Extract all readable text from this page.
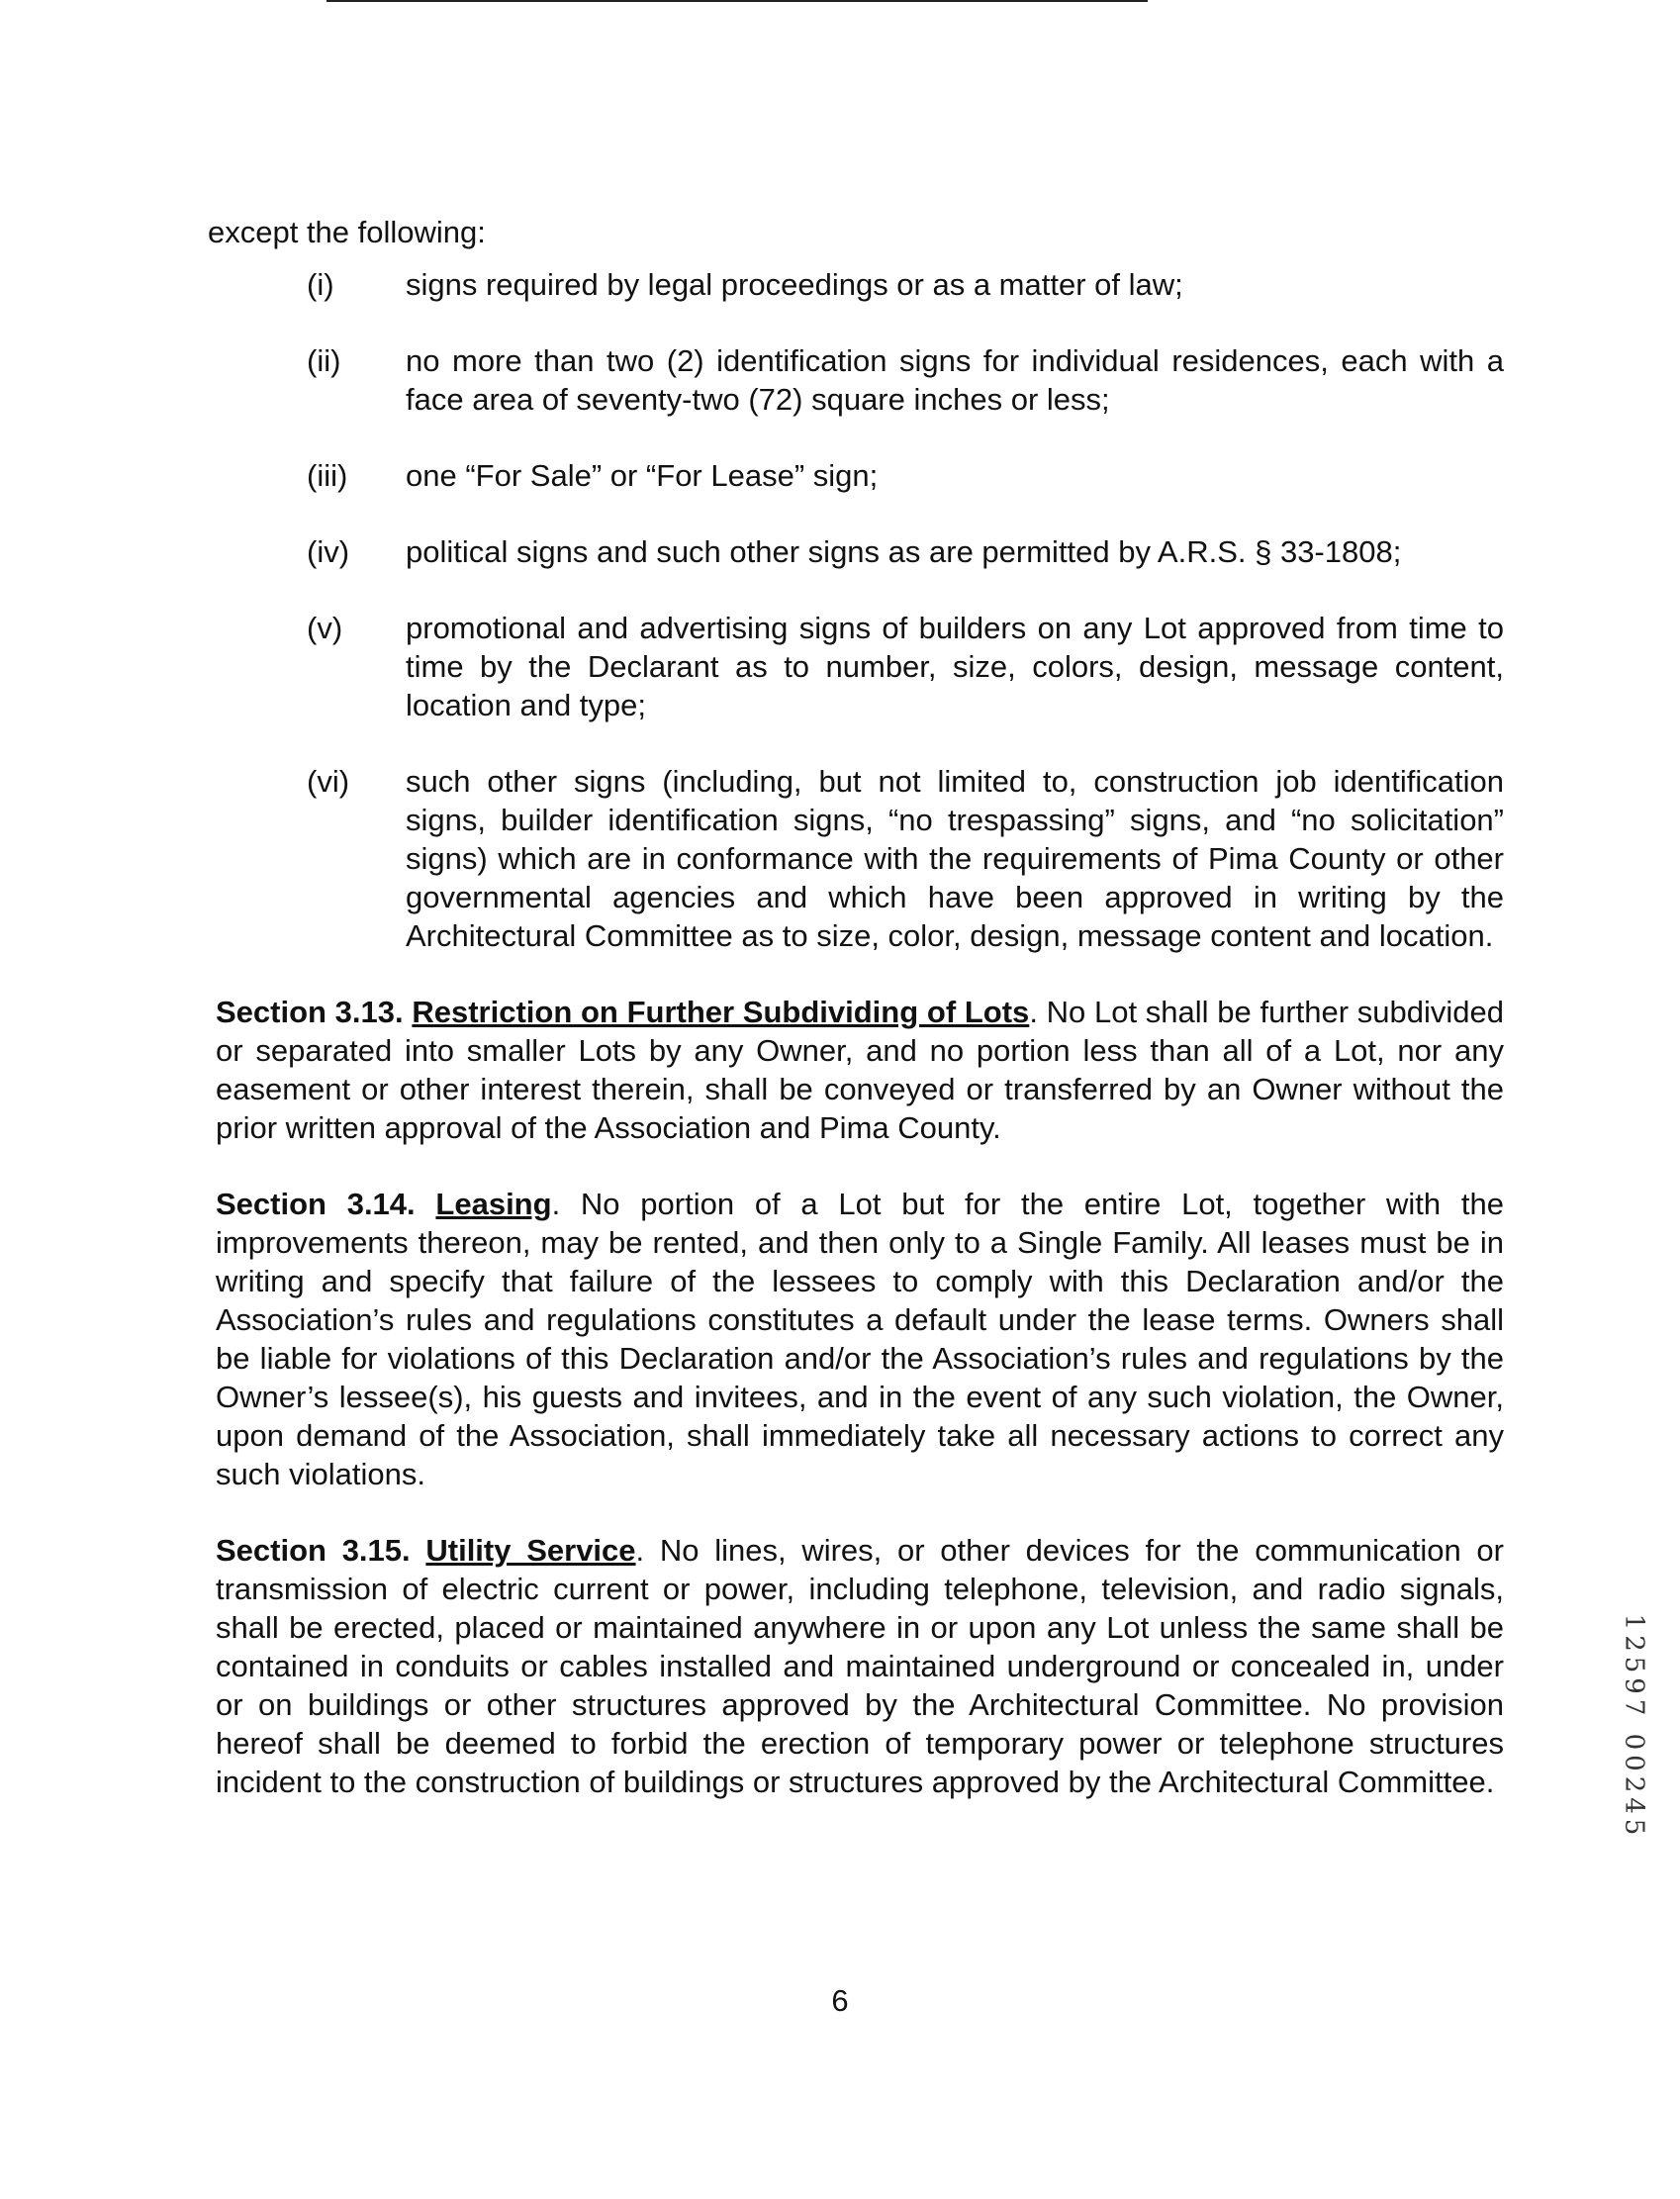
except the following:

(i)	signs required by legal proceedings or as a matter of law;
(ii)	no more than two (2) identification signs for individual residences, each with a face area of seventy-two (72) square inches or less;
(iii)	one “For Sale” or “For Lease” sign;
(iv)	political signs and such other signs as are permitted by A.R.S. § 33-1808;
(v)	promotional and advertising signs of builders on any Lot approved from time to time by the Declarant as to number, size, colors, design, message content, location and type;
(vi)	such other signs (including, but not limited to, construction job identification signs, builder identification signs, “no trespassing” signs, and “no solicitation” signs) which are in conformance with the requirements of Pima County or other governmental agencies and which have been approved in writing by the Architectural Committee as to size, color, design, message content and location.

Section 3.13. Restriction on Further Subdividing of Lots. No Lot shall be further subdivided or separated into smaller Lots by any Owner, and no portion less than all of a Lot, nor any easement or other interest therein, shall be conveyed or transferred by an Owner without the prior written approval of the Association and Pima County.

Section 3.14. Leasing. No portion of a Lot but for the entire Lot, together with the improvements thereon, may be rented, and then only to a Single Family. All leases must be in writing and specify that failure of the lessees to comply with this Declaration and/or the Association’s rules and regulations constitutes a default under the lease terms. Owners shall be liable for violations of this Declaration and/or the Association’s rules and regulations by the Owner’s lessee(s), his guests and invitees, and in the event of any such violation, the Owner, upon demand of the Association, shall immediately take all necessary actions to correct any such violations.

Section 3.15. Utility Service. No lines, wires, or other devices for the communication or transmission of electric current or power, including telephone, television, and radio signals, shall be erected, placed or maintained anywhere in or upon any Lot unless the same shall be contained in conduits or cables installed and maintained underground or concealed in, under or on buildings or other structures approved by the Architectural Committee. No provision hereof shall be deemed to forbid the erection of temporary power or telephone structures incident to the construction of buildings or structures approved by the Architectural Committee.

6
12597 00245
